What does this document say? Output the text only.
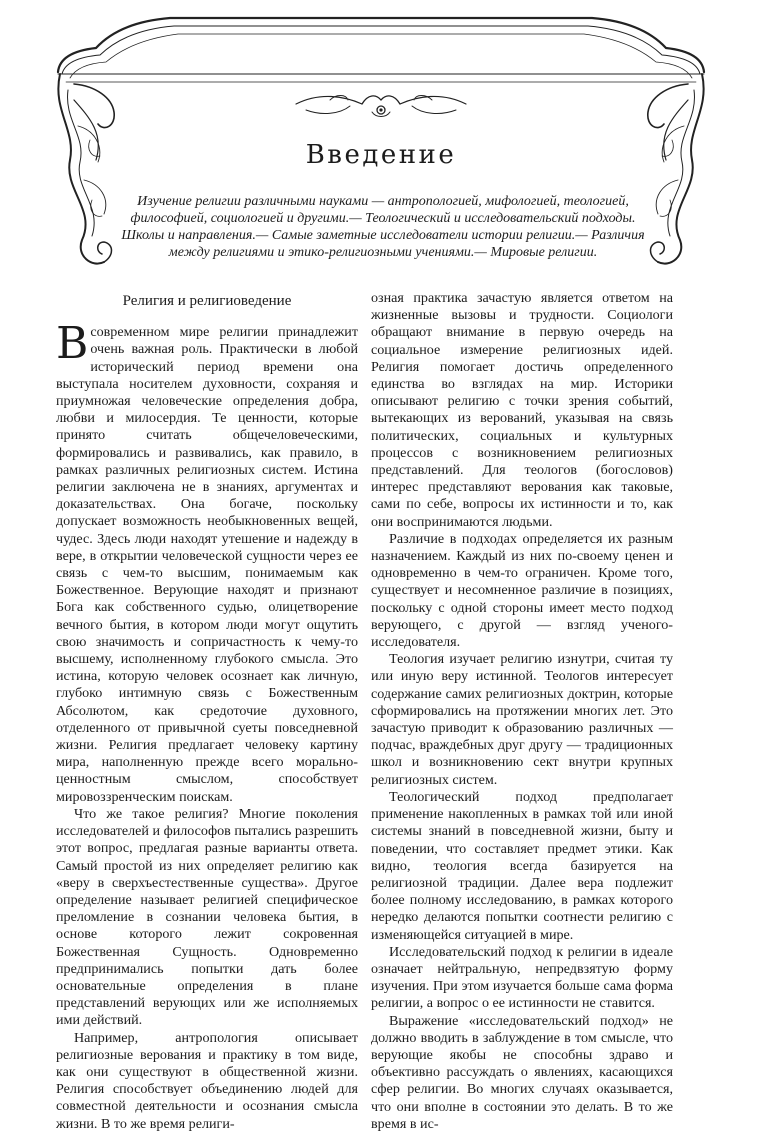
Введение
Изучение религии различными науками — антропологией, мифологией, теологией, философией, социологией и другими.— Теологический и исследовательский подходы. Школы и направления.— Самые заметные исследователи истории религии.— Различия между религиями и этико-религиозными учениями.— Мировые религии.
Религия и религиоведение

Всовременном мире религии принадлежит очень важная роль. Практически в любой исторический период времени она выступала носителем духовности, сохраняя и приумножая человеческие определения добра, любви и милосердия. Те ценности, которые принято считать общечеловеческими, формировались и развивались, как правило, в рамках различных религиозных систем. Истина религии заключена не в знаниях, аргументах и доказательствах. Она богаче, поскольку допускает возможность необыкновенных вещей, чудес. Здесь люди находят утешение и надежду в вере, в открытии человеческой сущности через ее связь с чем-то высшим, понимаемым как Божественное. Верующие находят и признают Бога как собственного судью, олицетворение вечного бытия, в котором люди могут ощутить свою значимость и сопричастность к чему-то высшему, исполненному глубокого смысла. Это истина, которую человек осознает как личную, глубоко интимную связь с Божественным Абсолютом, как средоточие духовного, отделенного от привычной суеты повседневной жизни. Религия предлагает человеку картину мира, наполненную прежде всего морально-ценностным смыслом, способствует мировоззренческим поискам.

Что же такое религия? Многие поколения исследователей и философов пытались разрешить этот вопрос, предлагая разные варианты ответа. Самый простой из них определяет религию как «веру в сверхъестественные существа». Другое определение называет религией специфическое преломление в сознании человека бытия, в основе которого лежит сокровенная Божественная Сущность. Одновременно предпринимались попытки дать более основательные определения в плане представлений верующих или же исполняемых ими действий.

Например, антропология описывает религиозные верования и практику в том виде, как они существуют в общественной жизни. Религия способствует объединению людей для совместной деятельности и осознания смысла жизни. В то же время религи-

озная практика зачастую является ответом на жизненные вызовы и трудности. Социологи обращают внимание в первую очередь на социальное измерение религиозных идей. Религия помогает достичь определенного единства во взглядах на мир. Историки описывают религию с точки зрения событий, вытекающих из верований, указывая на связь политических, социальных и культурных процессов с возникновением религиозных представлений. Для теологов (богословов) интерес представляют верования как таковые, сами по себе, вопросы их истинности и то, как они воспринимаются людьми.

Различие в подходах определяется их разным назначением. Каждый из них по-своему ценен и одновременно в чем-то ограничен. Кроме того, существует и несомненное различие в позициях, поскольку с одной стороны имеет место подход верующего, с другой — взгляд ученого-исследователя.

Теология изучает религию изнутри, считая ту или иную веру истинной. Теологов интересует содержание самих религиозных доктрин, которые сформировались на протяжении многих лет. Это зачастую приводит к образованию различных — подчас, враждебных друг другу — традиционных школ и возникновению сект внутри крупных религиозных систем.

Теологический подход предполагает применение накопленных в рамках той или иной системы знаний в повседневной жизни, быту и поведении, что составляет предмет этики. Как видно, теология всегда базируется на религиозной традиции. Далее вера подлежит более полному исследованию, в рамках которого нередко делаются попытки соотнести религию с изменяющейся ситуацией в мире.

Исследовательский подход к религии в идеале означает нейтральную, непредвзятую форму изучения. При этом изучается больше сама форма религии, а вопрос о ее истинности не ставится.

Выражение «исследовательский подход» не должно вводить в заблуждение в том смысле, что верующие якобы не способны здраво и объективно рассуждать о явлениях, касающихся сфер религии. Во многих случаях оказывается, что они вполне в состоянии это делать. В то же время в ис-
